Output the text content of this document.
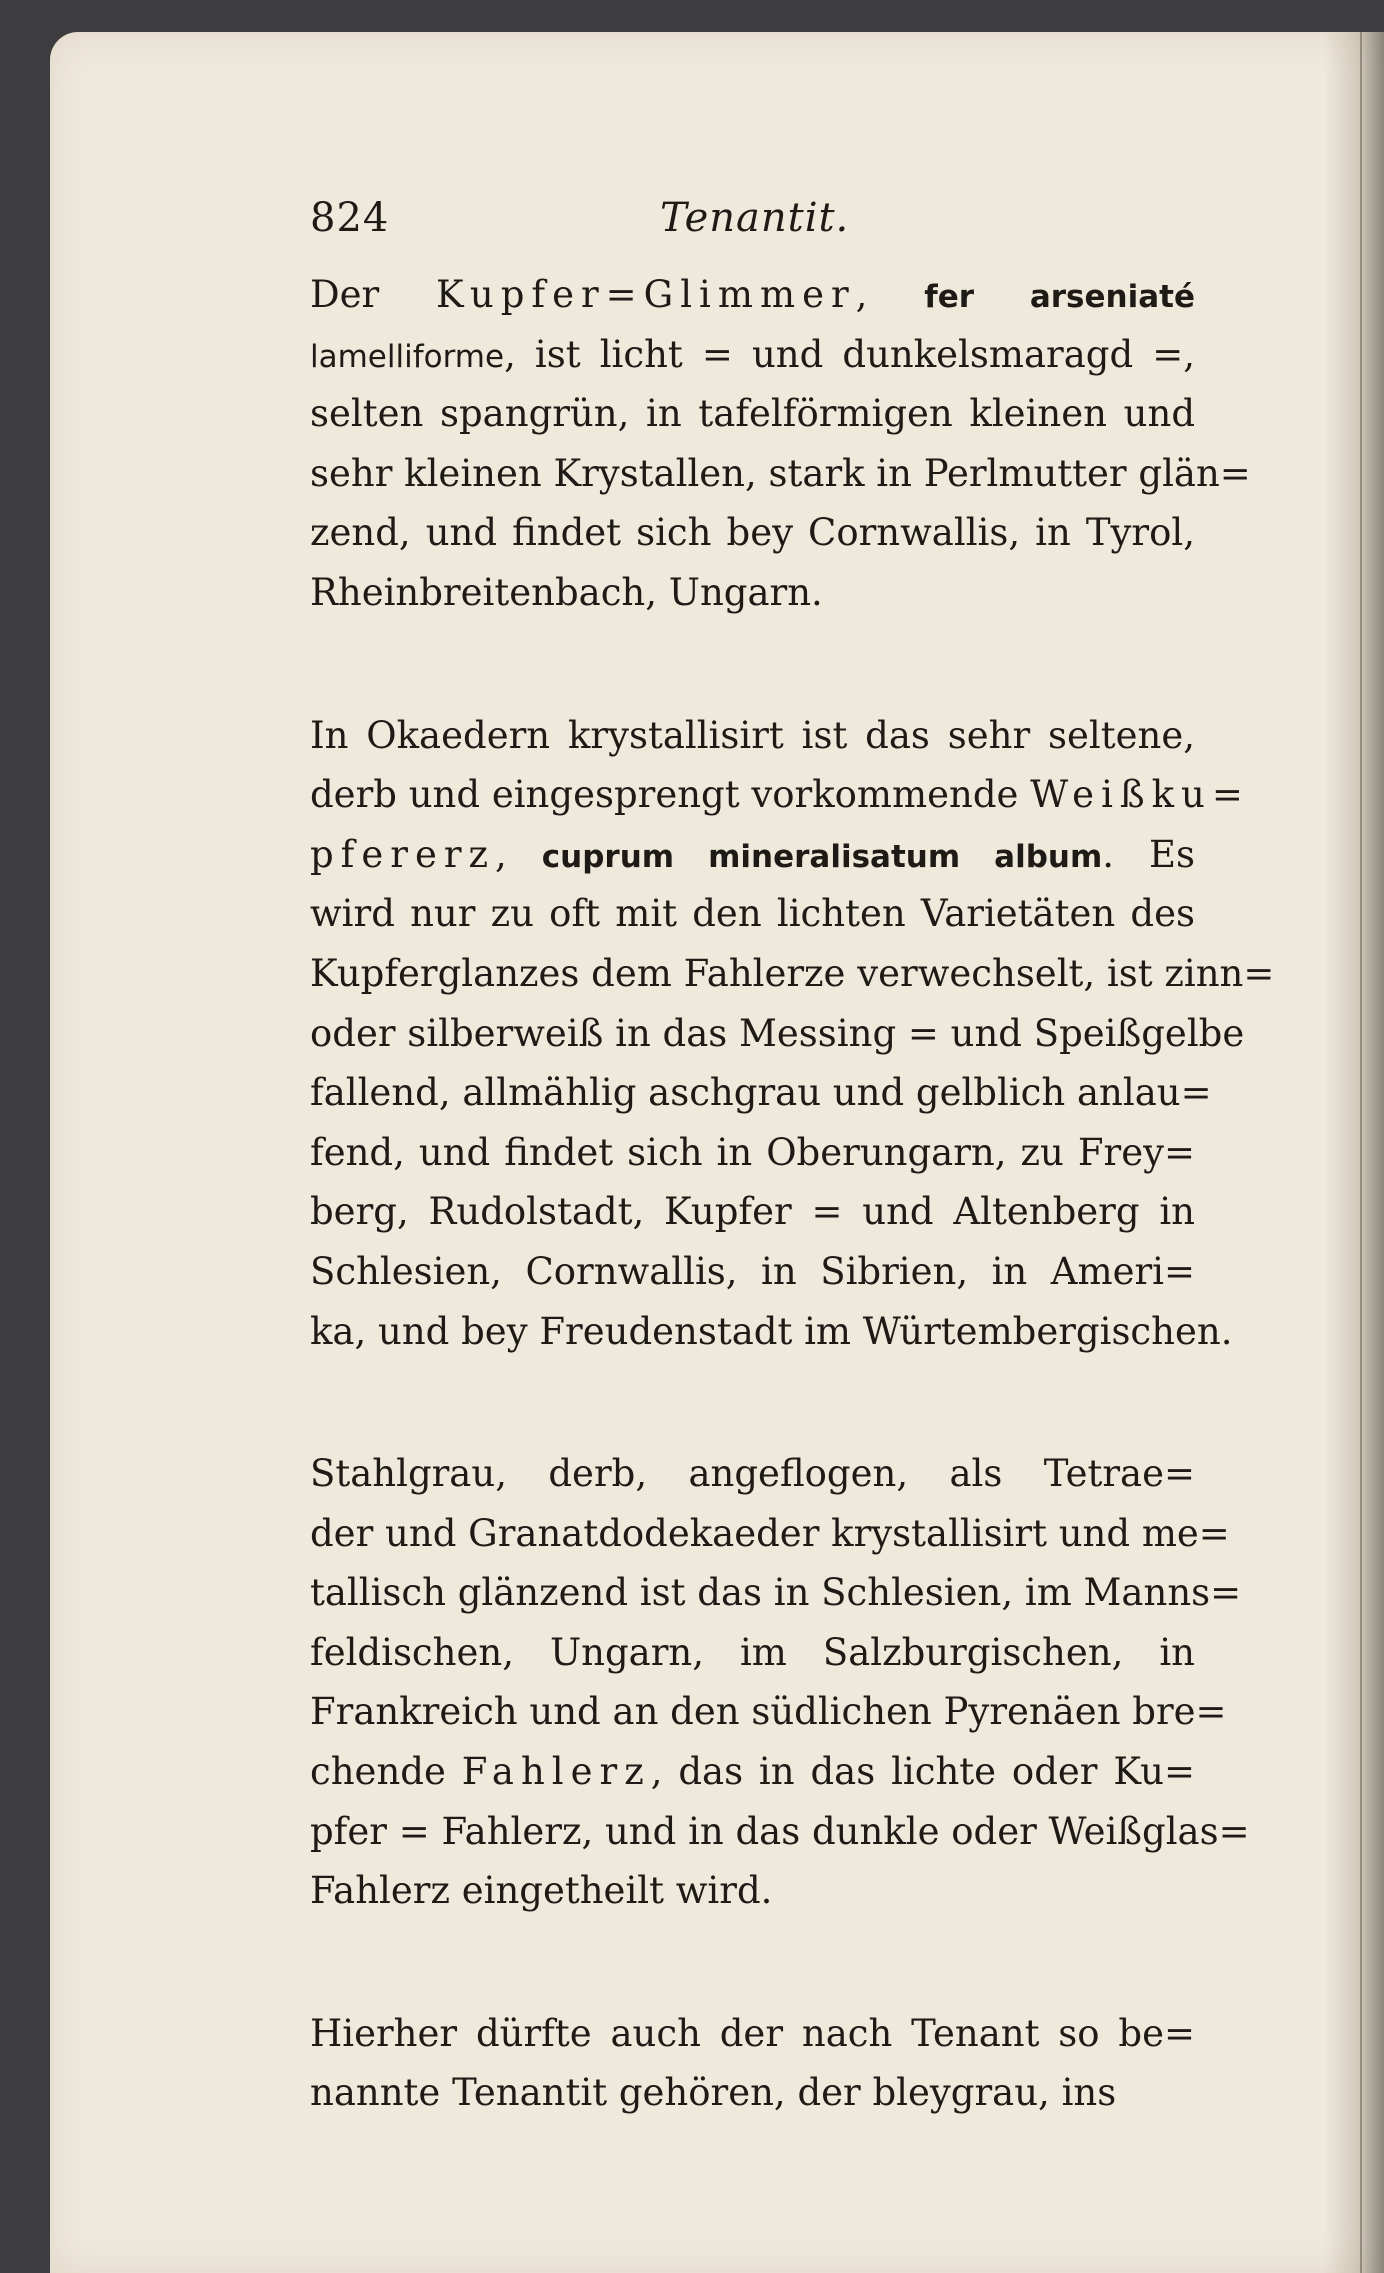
824	Tenantit.
Der Kupfer=Glimmer, fer arseniaté
lamelliforme, ist licht = und dunkelsmaragd =,
selten spangrün, in tafelförmigen kleinen und
sehr kleinen Krystallen, stark in Perlmutter glän=
zend, und findet sich bey Cornwallis, in Tyrol,
Rheinbreitenbach, Ungarn.
In Okaedern krystallisirt ist das sehr seltene,
derb und eingesprengt vorkommende Weißku=
pfererz, cuprum mineralisatum album. Es
wird nur zu oft mit den lichten Varietäten des
Kupferglanzes dem Fahlerze verwechselt, ist zinn=
oder silberweiß in das Messing = und Speißgelbe
fallend, allmählig aschgrau und gelblich anlau=
fend, und findet sich in Oberungarn, zu Frey=
berg, Rudolstadt, Kupfer = und Altenberg in
Schlesien, Cornwallis, in Sibrien, in Ameri=
ka, und bey Freudenstadt im Würtembergischen.
Stahlgrau, derb, angeflogen, als Tetrae=
der und Granatdodekaeder krystallisirt und me=
tallisch glänzend ist das in Schlesien, im Manns=
feldischen, Ungarn, im Salzburgischen, in
Frankreich und an den südlichen Pyrenäen bre=
chende Fahlerz, das in das lichte oder Ku=
pfer = Fahlerz, und in das dunkle oder Weißglas=
Fahlerz eingetheilt wird.
Hierher dürfte auch der nach Tenant so be=
nannte Tenantit gehören, der bleygrau, ins
